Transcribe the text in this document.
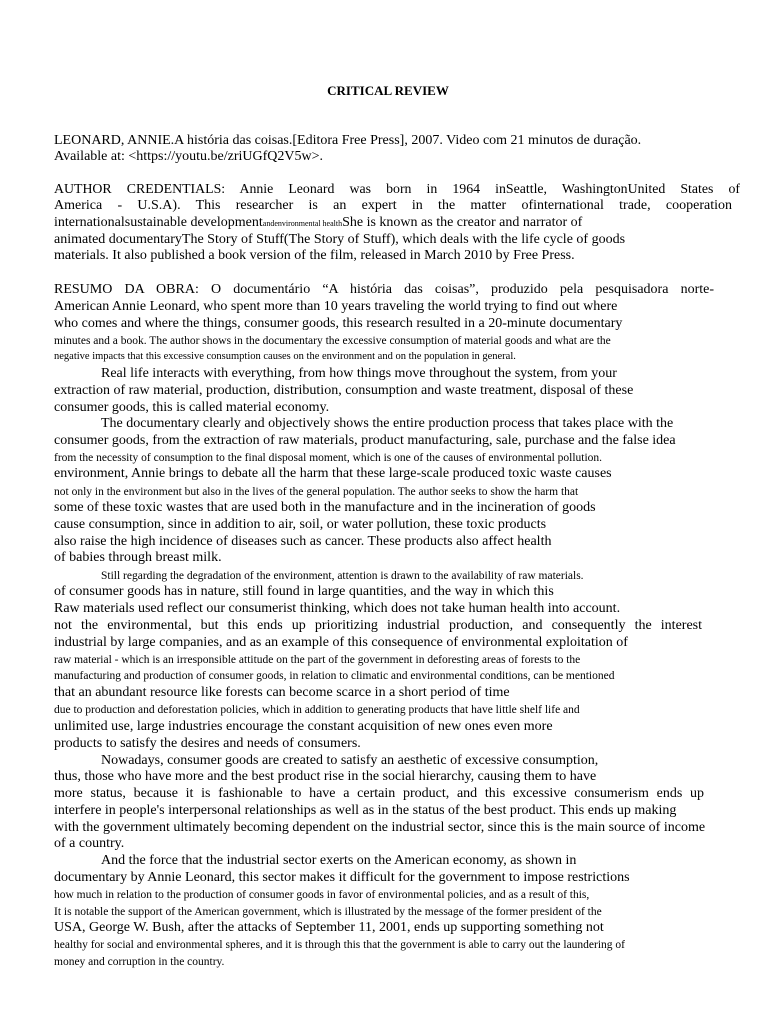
CRITICAL REVIEW
LEONARD, ANNIE.A história das coisas.[Editora Free Press], 2007. Video com 21 minutos de duração.
Available at: <https://youtu.be/zriUGfQ2V5w>.
AUTHOR CREDENTIALS: Annie Leonard was born in 1964 inSeattle, WashingtonUnited States of
America - U.S.A). This researcher is an expert in the matter ofinternational trade, cooperation
internationalsustainable developmentandenvironmental healthShe is known as the creator and narrator of
animated documentaryThe Story of Stuff(The Story of Stuff), which deals with the life cycle of goods
materials. It also published a book version of the film, released in March 2010 by Free Press.
RESUMO DA OBRA: O documentário “A história das coisas”, produzido pela pesquisadora norte-
American Annie Leonard, who spent more than 10 years traveling the world trying to find out where
who comes and where the things, consumer goods, this research resulted in a 20-minute documentary
minutes and a book. The author shows in the documentary the excessive consumption of material goods and what are the
negative impacts that this excessive consumption causes on the environment and on the population in general.
Real life interacts with everything, from how things move throughout the system, from your
extraction of raw material, production, distribution, consumption and waste treatment, disposal of these
consumer goods, this is called material economy.
The documentary clearly and objectively shows the entire production process that takes place with the
consumer goods, from the extraction of raw materials, product manufacturing, sale, purchase and the false idea
from the necessity of consumption to the final disposal moment, which is one of the causes of environmental pollution.
environment, Annie brings to debate all the harm that these large-scale produced toxic waste causes
not only in the environment but also in the lives of the general population. The author seeks to show the harm that
some of these toxic wastes that are used both in the manufacture and in the incineration of goods
cause consumption, since in addition to air, soil, or water pollution, these toxic products
also raise the high incidence of diseases such as cancer. These products also affect health
of babies through breast milk.
Still regarding the degradation of the environment, attention is drawn to the availability of raw materials.
of consumer goods has in nature, still found in large quantities, and the way in which this
Raw materials used reflect our consumerist thinking, which does not take human health into account.
not the environmental, but this ends up prioritizing industrial production, and consequently the interest
industrial by large companies, and as an example of this consequence of environmental exploitation of
raw material - which is an irresponsible attitude on the part of the government in deforesting areas of forests to the
manufacturing and production of consumer goods, in relation to climatic and environmental conditions, can be mentioned
that an abundant resource like forests can become scarce in a short period of time
due to production and deforestation policies, which in addition to generating products that have little shelf life and
unlimited use, large industries encourage the constant acquisition of new ones even more
products to satisfy the desires and needs of consumers.
Nowadays, consumer goods are created to satisfy an aesthetic of excessive consumption,
thus, those who have more and the best product rise in the social hierarchy, causing them to have
more status, because it is fashionable to have a certain product, and this excessive consumerism ends up
interfere in people's interpersonal relationships as well as in the status of the best product. This ends up making
with the government ultimately becoming dependent on the industrial sector, since this is the main source of income
of a country.
And the force that the industrial sector exerts on the American economy, as shown in
documentary by Annie Leonard, this sector makes it difficult for the government to impose restrictions
how much in relation to the production of consumer goods in favor of environmental policies, and as a result of this,
It is notable the support of the American government, which is illustrated by the message of the former president of the
USA, George W. Bush, after the attacks of September 11, 2001, ends up supporting something not
healthy for social and environmental spheres, and it is through this that the government is able to carry out the laundering of
money and corruption in the country.
